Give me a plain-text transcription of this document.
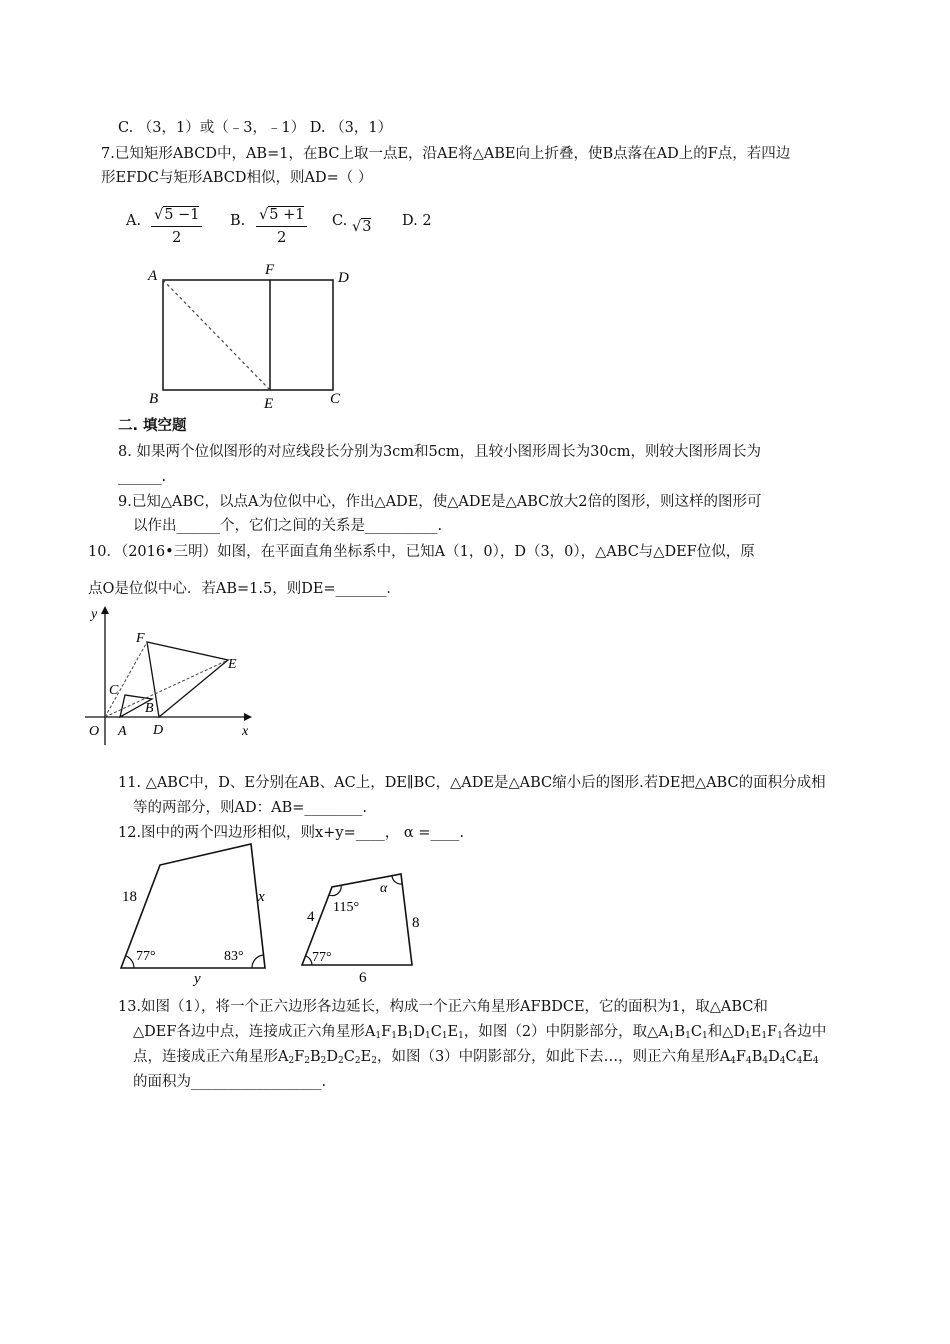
C. （3，1）或（﹣3，﹣1） D. （3，1）
7.已知矩形ABCD中，AB=1，在BC上取一点E，沿AE将△ABE向上折叠，使B点落在AD上的F点，若四边
形EFDC与矩形ABCD相似，则AD=（ ）
A. $\frac{√5 -1}{2} B$. $\frac{√5 +1}{2} C$. √3 D. 2
A	F	D
B	E	C
二. 填空题
8. 如果两个位似图形的对应线段长分别为3cm和5cm，且较小图形周长为30cm，则较大图形周长为
______.
9.已知△ABC，以点A为位似中心，作出△ADE，使△ADE是△ABC放大2倍的图形，则这样的图形可
以作出______个，它们之间的关系是__________.
10．（2016•三明）如图，在平面直角坐标系中，已知A（1，0），D（3，0），△ABC与△DEF位似，原
点O是位似中心．若AB=1.5，则DE=_______．
y
x
O A
B
C
D
E
F
11. △ABC中，D、E分别在AB、AC上，DE∥BC，△ADE是△ABC缩小后的图形.若DE把△ABC的面积分成相
等的两部分，则AD：AB=________.
12.图中的两个四边形相似，则x+y=____， α =____.
18	x
y
77°	83°
4	8
6
77°
115°
α
13.如图（1），将一个正六边形各边延长，构成一个正六角星形AFBDCE，它的面积为1，取△ABC和
△DEF各边中点，连接成正六角星形$A_1F_1B_1D_1C_1E_1$，如图（2）中阴影部分，取$\triangle A_1B_1C_1$和$\triangle D_1E_1F_1$各边中
点，连接成正六角星形$A_2F_2B_2D_2C_2E_2$，如图（3）中阴影部分，如此下去…，则正六角星形$A_4F_4B_4D_4C_4E_4$
的面积为__________________.
